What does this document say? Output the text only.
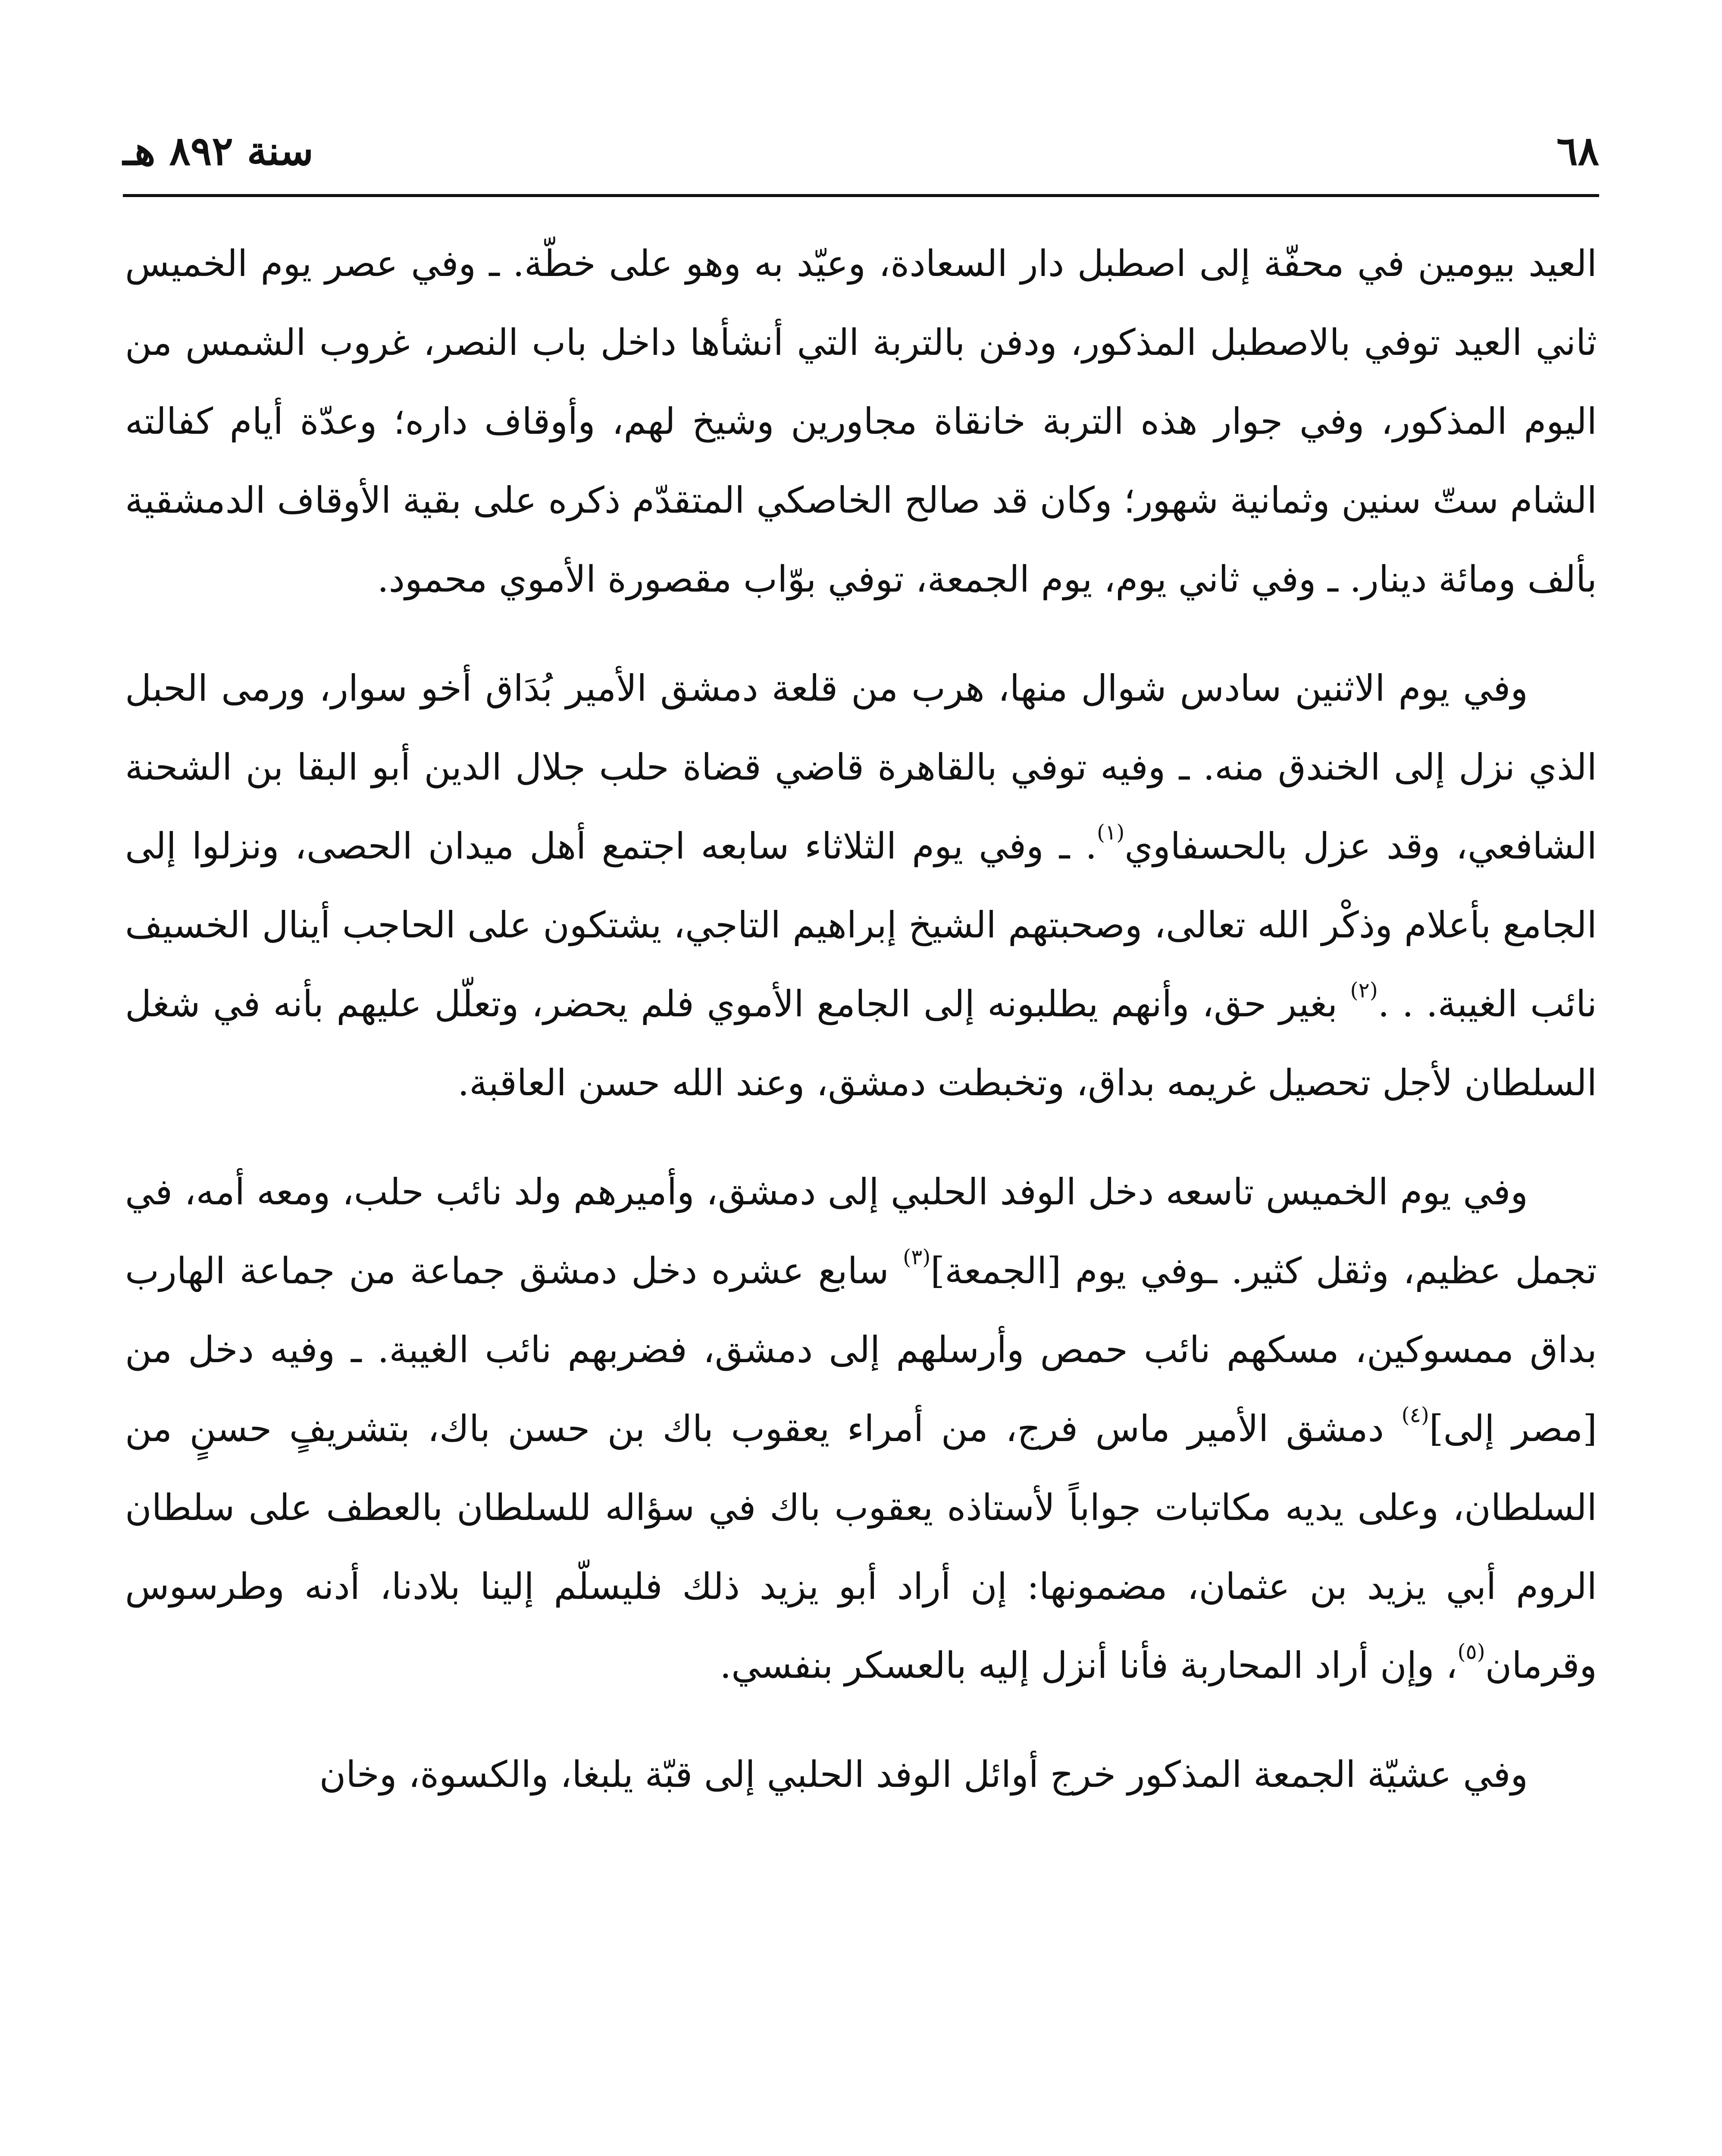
٦٨
سنة ٨٩٢ هـ

العيد بيومين في محفّة إلى اصطبل دار السعادة، وعيّد به وهو على خطّة. ـ وفي عصر يوم الخميس ثاني العيد توفي بالاصطبل المذكور، ودفن بالتربة التي أنشأها داخل باب النصر، غروب الشمس من اليوم المذكور، وفي جوار هذه التربة خانقاة مجاورين وشيخ لهم، وأوقاف داره؛ وعدّة أيام كفالته الشام ستّ سنين وثمانية شهور؛ وكان قد صالح الخاصكي المتقدّم ذكره على بقية الأوقاف الدمشقية بألف ومائة دينار. ـ وفي ثاني يوم، يوم الجمعة، توفي بوّاب مقصورة الأموي محمود.

وفي يوم الاثنين سادس شوال منها، هرب من قلعة دمشق الأمير بُدَاق أخو سوار، ورمى الحبل الذي نزل إلى الخندق منه. ـ وفيه توفي بالقاهرة قاضي قضاة حلب جلال الدين أبو البقا بن الشحنة الشافعي، وقد عزل بالحسفاوي$^{(١)}$. ـ وفي يوم الثلاثاء سابعه اجتمع أهل ميدان الحصى، ونزلوا إلى الجامع بأعلام وذكْر الله تعالى، وصحبتهم الشيخ إبراهيم التاجي، يشتكون على الحاجب أينال الخسيف نائب الغيبة. . .$^{(٢)}$ بغير حق، وأنهم يطلبونه إلى الجامع الأموي فلم يحضر، وتعلّل عليهم بأنه في شغل السلطان لأجل تحصيل غريمه بداق، وتخبطت دمشق، وعند الله حسن العاقبة.

وفي يوم الخميس تاسعه دخل الوفد الحلبي إلى دمشق، وأميرهم ولد نائب حلب، ومعه أمه، في تجمل عظيم، وثقل كثير. ـوفي يوم [الجمعة]$^{(٣)}$ سابع عشره دخل دمشق جماعة من جماعة الهارب بداق ممسوكين، مسكهم نائب حمص وأرسلهم إلى دمشق، فضربهم نائب الغيبة. ـ وفيه دخل من [مصر إلى]$^{(٤)}$ دمشق الأمير ماس فرج، من أمراء يعقوب باك بن حسن باك، بتشريفٍ حسنٍ من السلطان، وعلى يديه مكاتبات جواباً لأستاذه يعقوب باك في سؤاله للسلطان بالعطف على سلطان الروم أبي يزيد بن عثمان، مضمونها: إن أراد أبو يزيد ذلك فليسلّم إلينا بلادنا، أدنه وطرسوس وقرمان$^{(٥)}$، وإن أراد المحاربة فأنا أنزل إليه بالعسكر بنفسي.

وفي عشيّة الجمعة المذكور خرج أوائل الوفد الحلبي إلى قبّة يلبغا، والكسوة، وخان
